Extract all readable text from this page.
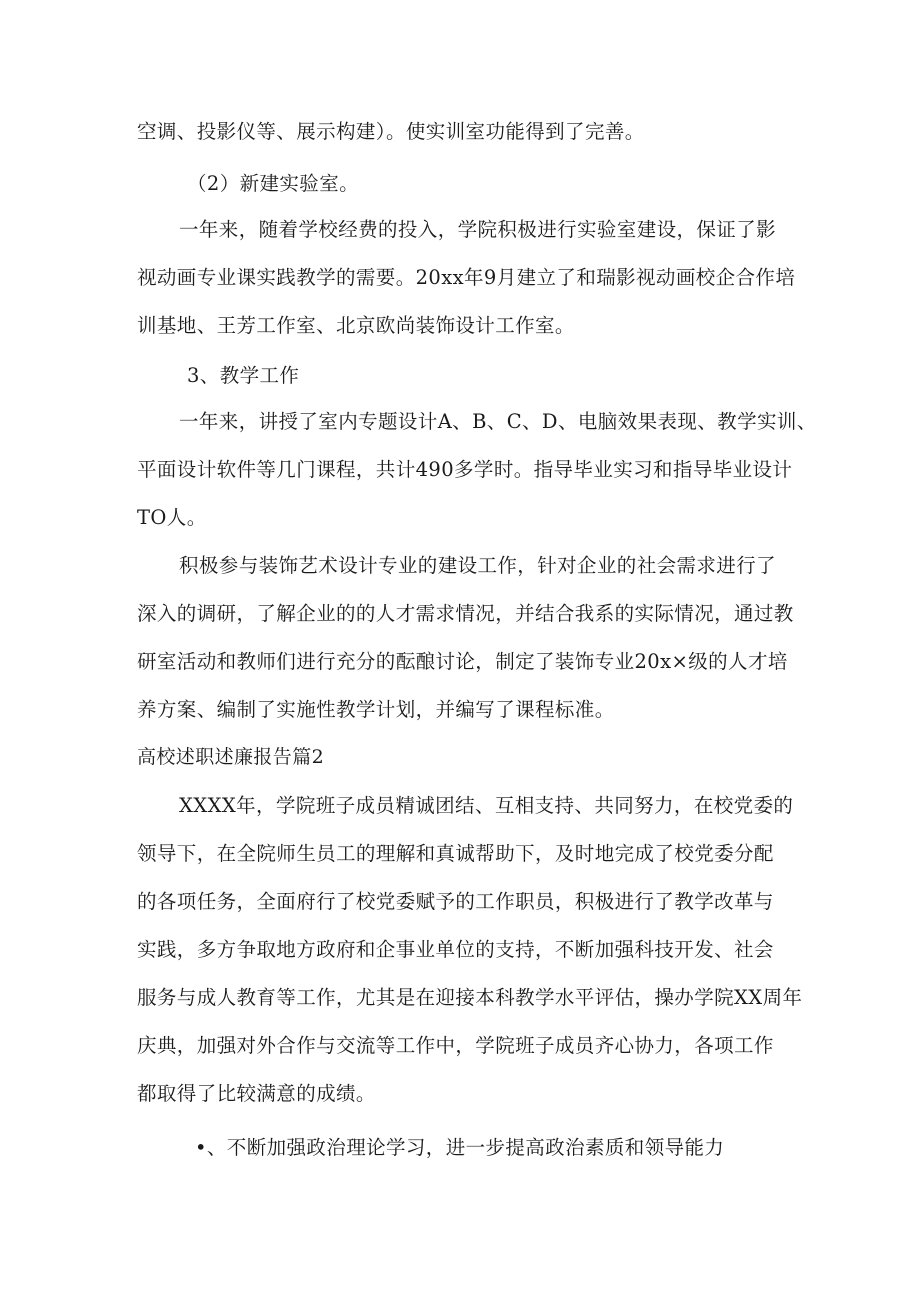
空调、投影仪等、展示构建）。使实训室功能得到了完善。
（2）新建实验室。
一年来，随着学校经费的投入，学院积极进行实验室建设，保证了影
视动画专业课实践教学的需要。20xx年9月建立了和瑞影视动画校企合作培
训基地、王芳工作室、北京欧尚装饰设计工作室。
3、教学工作
一年来，讲授了室内专题设计A、B、C、D、电脑效果表现、教学实训、
平面设计软件等几门课程，共计490多学时。指导毕业实习和指导毕业设计
TO人。
积极参与装饰艺术设计专业的建设工作，针对企业的社会需求进行了
深入的调研，了解企业的的人才需求情况，并结合我系的实际情况，通过教
研室活动和教师们进行充分的酝酿讨论，制定了装饰专业20x×级的人才培
养方案、编制了实施性教学计划，并编写了课程标准。
高校述职述廉报告篇2
XXXX年，学院班子成员精诚团结、互相支持、共同努力，在校党委的
领导下，在全院师生员工的理解和真诚帮助下，及时地完成了校党委分配
的各项任务，全面府行了校党委赋予的工作职员，积极进行了教学改革与
实践，多方争取地方政府和企事业单位的支持，不断加强科技开发、社会
服务与成人教育等工作，尤其是在迎接本科教学水平评估，操办学院XX周年
庆典，加强对外合作与交流等工作中，学院班子成员齐心协力，各项工作
都取得了比较满意的成绩。
•、不断加强政治理论学习，进一步提高政治素质和领导能力
